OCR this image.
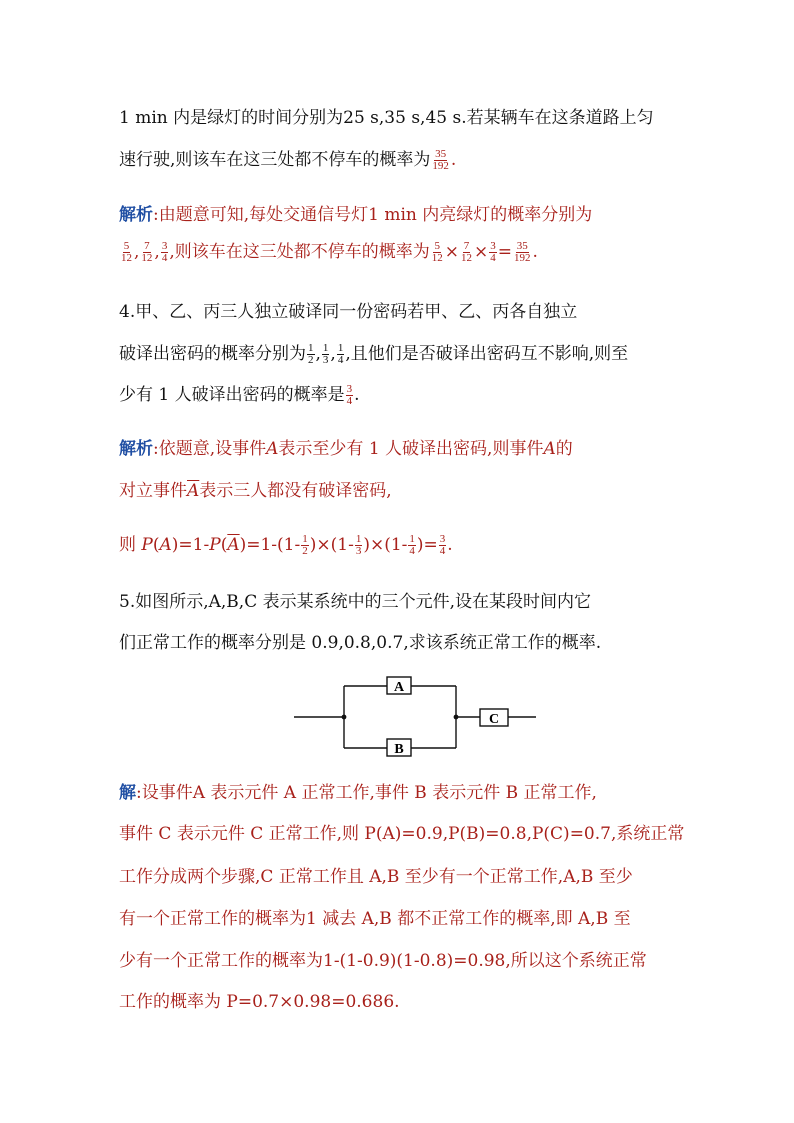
1 min 内是绿灯的时间分别为25 s,35 s,45 s.若某辆车在这条道路上匀
速行驶,则该车在这三处都不停车的概率为 $\frac{35}{192}$ .
解析:由题意可知,每处交通信号灯1 min 内亮绿灯的概率分别为
$\frac{5}{12}$ , $\frac{7}{12}$ , $\frac{3}{4}$ ,则该车在这三处都不停车的概率为 $\frac{5}{12} \times \frac{7}{12} \times \frac{3}{4} = \frac{35}{192}$ .
4.甲、乙、丙三人独立破译同一份密码若甲、乙、丙各自独立
破译出密码的概率分别为 $\frac{1}{2}$ , $\frac{1}{3}$ , $\frac{1}{4}$ ,且他们是否破译出密码互不影响,则至
少有 1 人破译出密码的概率是 $\frac{3}{4}$ .
解析:依题意,设事件A表示至少有 1 人破译出密码,则事件A的
对立事件$\overline{A}$表示三人都没有破译密码,
则 $P(A)=1-P(\overline{A})=1-(1- \frac{1}{2} )\times(1- \frac{1}{3} )\times(1- \frac{1}{4}$ )= $\frac{3}{4}$ .
5.如图所示,A,B,C 表示某系统中的三个元件,设在某段时间内它
们正常工作的概率分别是 0.9,0.8,0.7,求该系统正常工作的概率.
A
B
C
解:设事件A 表示元件 A 正常工作,事件 B 表示元件 B 正常工作,
事件 C 表示元件 C 正常工作,则 P(A)=0.9,P(B)=0.8,P(C)=0.7,系统正常
工作分成两个步骤,C 正常工作且 A,B 至少有一个正常工作,A,B 至少
有一个正常工作的概率为1 减去 A,B 都不正常工作的概率,即 A,B 至
少有一个正常工作的概率为1-(1-0.9)(1-0.8)=0.98,所以这个系统正常
工作的概率为 P=0.7×0.98=0.686.
